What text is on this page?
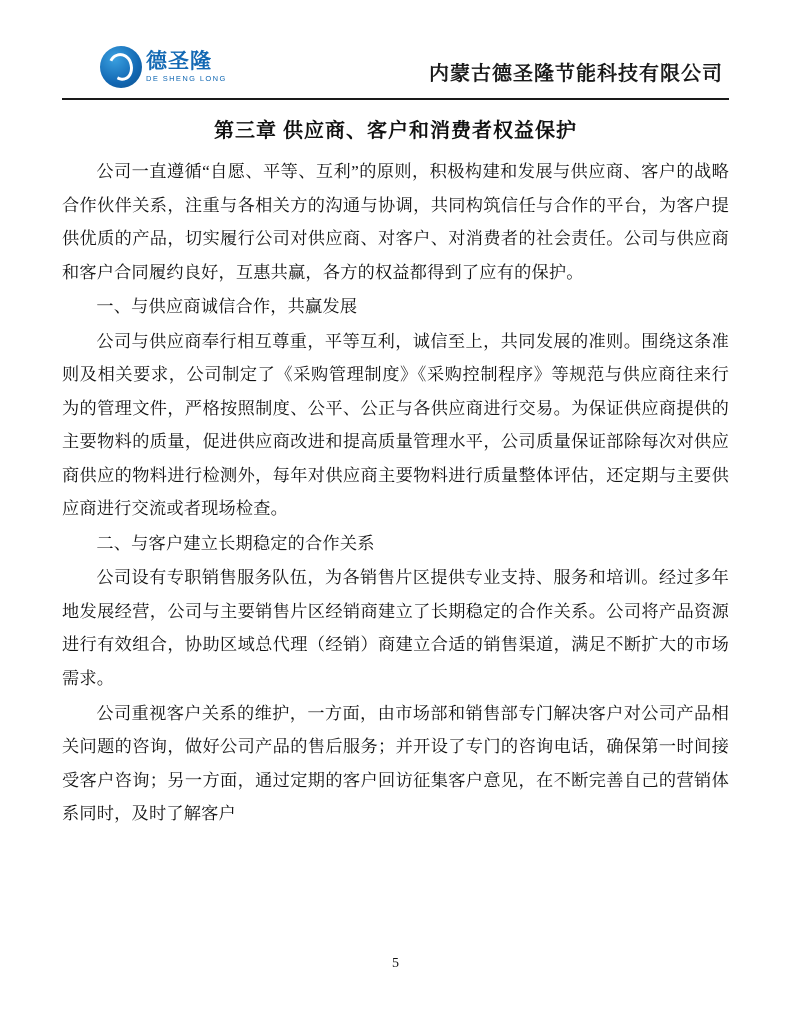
德圣隆
DE SHENG LONG	内蒙古德圣隆节能科技有限公司
第三章 供应商、客户和消费者权益保护

公司一直遵循“自愿、平等、互利”的原则，积极构建和发展与供应商、客户的战略合作伙伴关系，注重与各相关方的沟通与协调，共同构筑信任与合作的平台，为客户提供优质的产品，切实履行公司对供应商、对客户、对消费者的社会责任。公司与供应商和客户合同履约良好，互惠共赢，各方的权益都得到了应有的保护。

一、与供应商诚信合作，共赢发展

公司与供应商奉行相互尊重，平等互利，诚信至上，共同发展的准则。围绕这条准则及相关要求，公司制定了《采购管理制度》《采购控制程序》等规范与供应商往来行为的管理文件，严格按照制度、公平、公正与各供应商进行交易。为保证供应商提供的主要物料的质量，促进供应商改进和提高质量管理水平，公司质量保证部除每次对供应商供应的物料进行检测外，每年对供应商主要物料进行质量整体评估，还定期与主要供应商进行交流或者现场检查。

二、与客户建立长期稳定的合作关系

公司设有专职销售服务队伍，为各销售片区提供专业支持、服务和培训。经过多年地发展经营，公司与主要销售片区经销商建立了长期稳定的合作关系。公司将产品资源进行有效组合，协助区域总代理（经销）商建立合适的销售渠道，满足不断扩大的市场需求。

公司重视客户关系的维护，一方面，由市场部和销售部专门解决客户对公司产品相关问题的咨询，做好公司产品的售后服务；并开设了专门的咨询电话，确保第一时间接受客户咨询；另一方面，通过定期的客户回访征集客户意见，在不断完善自己的营销体系同时，及时了解客户

5
